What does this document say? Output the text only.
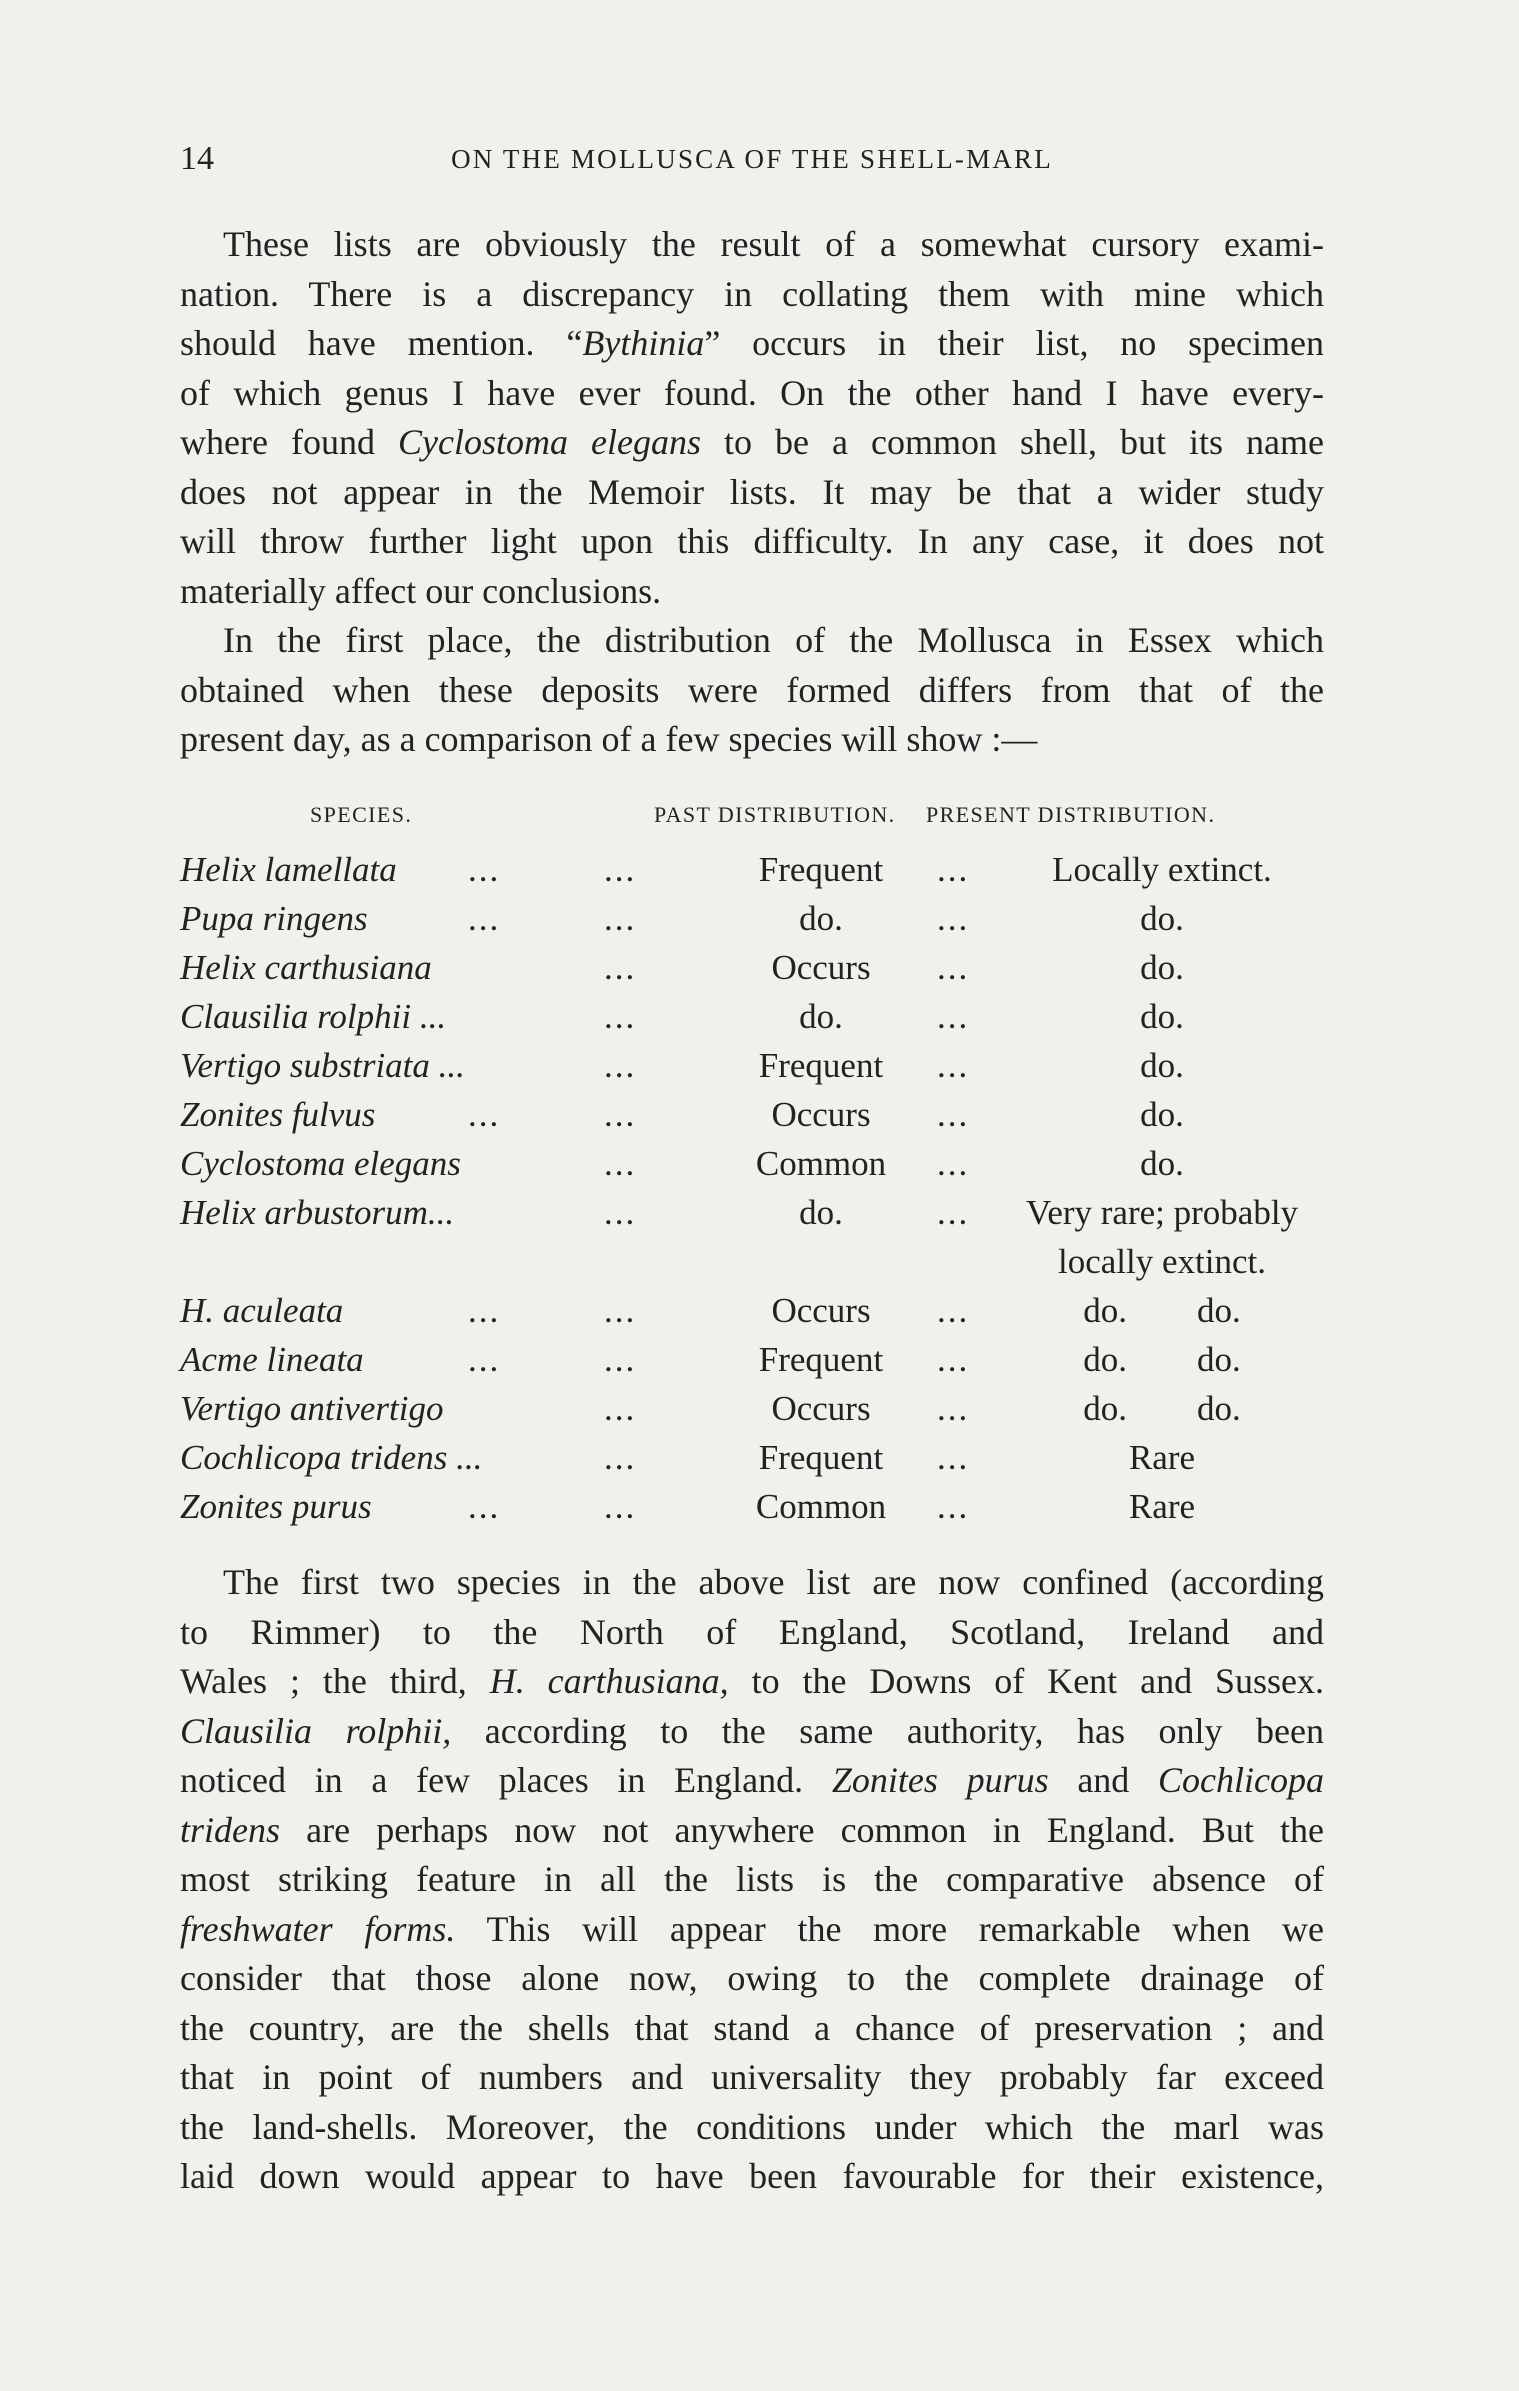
14	ON THE MOLLUSCA OF THE SHELL-MARL

These lists are obviously the result of a somewhat cursory exami-
nation. There is a discrepancy in collating them with mine which
should have mention. “Bythinia” occurs in their list, no specimen
of which genus I have ever found. On the other hand I have every-
where found Cyclostoma elegans to be a common shell, but its name
does not appear in the Memoir lists. It may be that a wider study
will throw further light upon this difficulty. In any case, it does not
materially affect our conclusions.

In the first place, the distribution of the Mollusca in Essex which
obtained when these deposits were formed differs from that of the
present day, as a comparison of a few species will show :—

SPECIES.	PAST DISTRIBUTION. PRESENT DISTRIBUTION.
Helix lamellata ...	...	Frequent	...	Locally extinct.
Pupa ringens	...	...	do.	...	do.
Helix carthusiana	...	Occurs	...	do.
Clausilia rolphii ...	...	do.	...	do.
Vertigo substriata ...	...	Frequent	...	do.
Zonites fulvus	...	...	Occurs	...	do.
Cyclostoma elegans	...	Common	...	do.
Helix arbustorum...	...	do.	...	Very rare; probably
locally extinct.
H. aculeata	...	...	Occurs	...	do.        do.
Acme lineata	...	...	Frequent	...	do.        do.
Vertigo antivertigo	...	Occurs	...	do.        do.
Cochlicopa tridens ...	...	Frequent	...	Rare
Zonites purus	...	...	Common	...	Rare

The first two species in the above list are now confined (according
to Rimmer) to the North of England, Scotland, Ireland and
Wales ; the third, H. carthusiana, to the Downs of Kent and Sussex.
Clausilia rolphii, according to the same authority, has only been
noticed in a few places in England. Zonites purus and Cochlicopa
tridens are perhaps now not anywhere common in England. But the
most striking feature in all the lists is the comparative absence of
freshwater forms. This will appear the more remarkable when we
consider that those alone now, owing to the complete drainage of
the country, are the shells that stand a chance of preservation ; and
that in point of numbers and universality they probably far exceed
the land-shells. Moreover, the conditions under which the marl was
laid down would appear to have been favourable for their existence,
